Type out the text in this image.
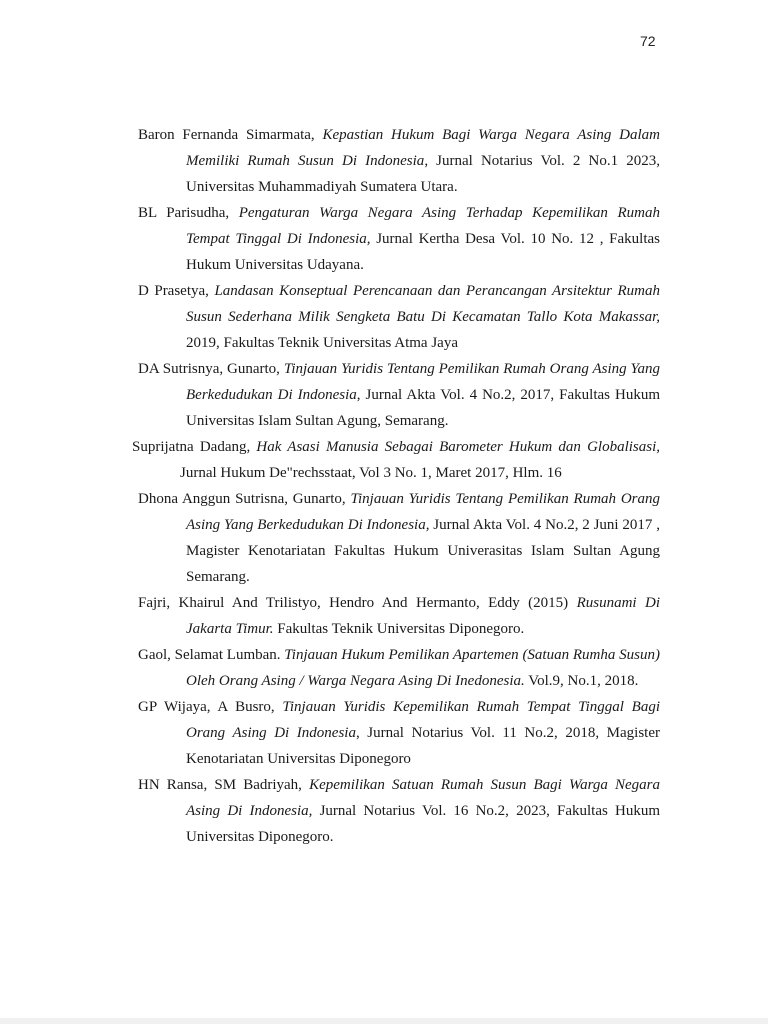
72

Baron Fernanda Simarmata, Kepastian Hukum Bagi Warga Negara Asing Dalam Memiliki Rumah Susun Di Indonesia, Jurnal Notarius Vol. 2 No.1 2023, Universitas Muhammadiyah Sumatera Utara.

BL Parisudha, Pengaturan Warga Negara Asing Terhadap Kepemilikan Rumah Tempat Tinggal Di Indonesia, Jurnal Kertha Desa Vol. 10 No. 12 , Fakultas Hukum Universitas Udayana.

D Prasetya, Landasan Konseptual Perencanaan dan Perancangan Arsitektur Rumah Susun Sederhana Milik Sengketa Batu Di Kecamatan Tallo Kota Makassar, 2019, Fakultas Teknik Universitas Atma Jaya

DA Sutrisnya, Gunarto, Tinjauan Yuridis Tentang Pemilikan Rumah Orang Asing Yang Berkedudukan Di Indonesia, Jurnal Akta Vol. 4 No.2, 2017, Fakultas Hukum Universitas Islam Sultan Agung, Semarang.

Suprijatna Dadang, Hak Asasi Manusia Sebagai Barometer Hukum dan Globalisasi, Jurnal Hukum De"rechsstaat, Vol 3 No. 1, Maret 2017, Hlm. 16

Dhona Anggun Sutrisna, Gunarto, Tinjauan Yuridis Tentang Pemilikan Rumah Orang Asing Yang Berkedudukan Di Indonesia, Jurnal Akta Vol. 4 No.2, 2 Juni 2017 , Magister Kenotariatan Fakultas Hukum Univerasitas Islam Sultan Agung Semarang.

Fajri, Khairul And Trilistyo, Hendro And Hermanto, Eddy (2015) Rusunami Di Jakarta Timur. Fakultas Teknik Universitas Diponegoro.

Gaol, Selamat Lumban. Tinjauan Hukum Pemilikan Apartemen (Satuan Rumha Susun) Oleh Orang Asing / Warga Negara Asing Di Inedonesia. Vol.9, No.1, 2018.

GP Wijaya, A Busro, Tinjauan Yuridis Kepemilikan Rumah Tempat Tinggal Bagi Orang Asing Di Indonesia, Jurnal Notarius Vol. 11 No.2, 2018, Magister Kenotariatan Universitas Diponegoro

HN Ransa, SM Badriyah, Kepemilikan Satuan Rumah Susun Bagi Warga Negara Asing Di Indonesia, Jurnal Notarius Vol. 16 No.2, 2023, Fakultas Hukum Universitas Diponegoro.
